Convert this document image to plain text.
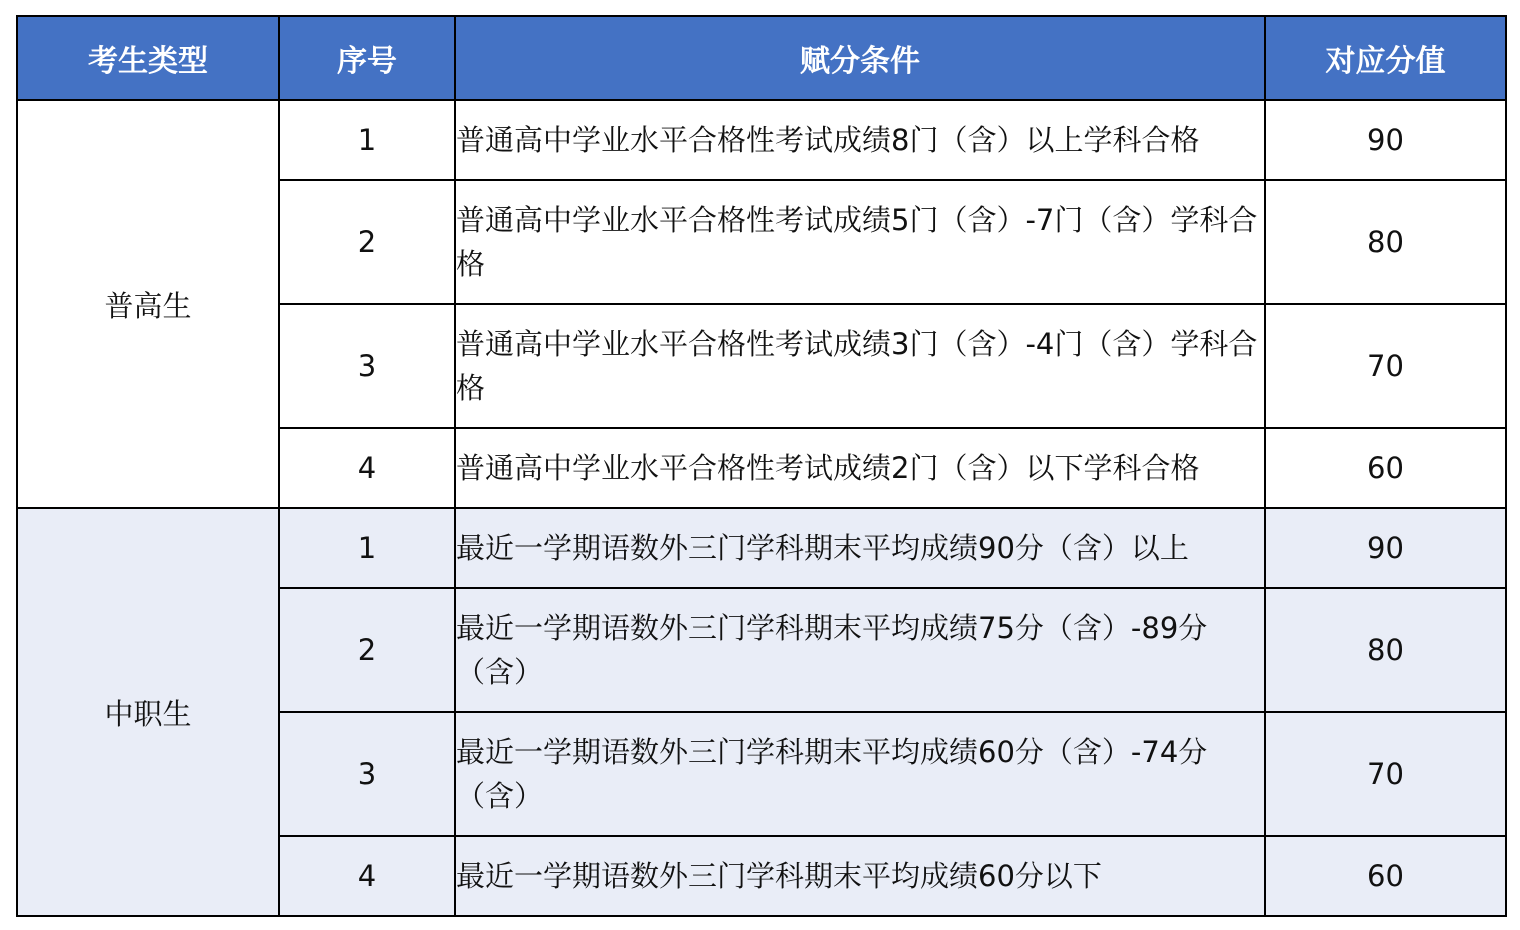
考生类型	序号	赋分条件	对应分值
普高生	1	普通高中学业水平合格性考试成绩8门（含）以上学科合格	90
	2	普通高中学业水平合格性考试成绩5门（含）-7门（含）学科合格	80
	3	普通高中学业水平合格性考试成绩3门（含）-4门（含）学科合格	70
	4	普通高中学业水平合格性考试成绩2门（含）以下学科合格	60
中职生	1	最近一学期语数外三门学科期末平均成绩90分（含）以上	90
	2	最近一学期语数外三门学科期末平均成绩75分（含）-89分（含）	80
	3	最近一学期语数外三门学科期末平均成绩60分（含）-74分（含）	70
	4	最近一学期语数外三门学科期末平均成绩60分以下	60
